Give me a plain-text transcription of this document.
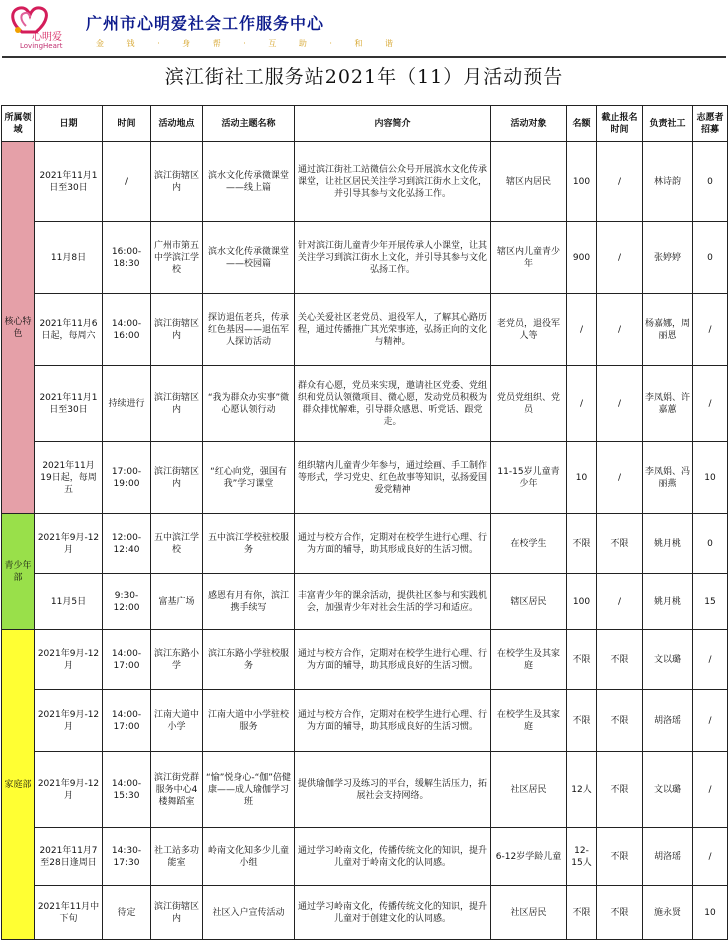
心明爱
LovingHeart
广州市心明爱社会工作服务中心
金 钱 · 身 帮 · 互 助 · 和 谐
滨江街社工服务站2021年（11）月活动预告
所属领域	日期	时间	活动地点	活动主题名称	内容简介	活动对象	名额	截止报名时间	负责社工	志愿者招募
核心特色	2021年11月1日至30日	/	滨江街辖区内	滨水文化传承微课堂——线上篇	通过滨江街社工站微信公众号开展滨水文化传承课堂，让社区居民关注学习到滨江街水上文化，并引导其参与文化弘扬工作。	辖区内居民	100	/	林诗韵	0
	11月8日	16:00-18:30	广州市第五中学滨江学校	滨水文化传承微课堂——校园篇	针对滨江街儿童青少年开展传承人小课堂，让其关注学习到滨江街水上文化，并引导其参与文化弘扬工作。	辖区内儿童青少年	900	/	张婷婷	0
	2021年11月6日起，每周六	14:00-16:00	滨江街辖区内	探访退伍老兵，传承红色基因——退伍军人探访活动	关心关爱社区老党员、退役军人，了解其心路历程，通过传播推广其光荣事迹，弘扬正向的文化与精神。	老党员，退役军人等	/	/	杨嘉娜，周丽恩	/
	2021年11月1日至30日	持续进行	滨江街辖区内	“我为群众办实事”微心愿认领行动	群众有心愿，党员来实现，邀请社区党委、党组织和党员认领微项目、微心愿，发动党员积极为群众排忧解难，引导群众感恩、听党话、跟党走。	党员党组织、党员	/	/	李凤娟、许嘉蕙	/
	2021年11月19日起，每周五	17:00-19:00	滨江街辖区内	“红心向党，强国有我”学习课堂	组织辖内儿童青少年参与，通过绘画、手工制作等形式，学习党史、红色故事等知识，弘扬爱国爱党精神	11-15岁儿童青少年	10	/	李凤娟、冯丽燕	10
青少年部	2021年9月-12月	12:00-12:40	五中滨江学校	五中滨江学校驻校服务	通过与校方合作，定期对在校学生进行心理、行为方面的辅导，助其形成良好的生活习惯。	在校学生	不限	不限	姚月桃	0
	11月5日	9:30-12:00	富基广场	感恩有月有你，滨江携手续写	丰富青少年的课余活动，提供社区参与和实践机会，加强青少年对社会生活的学习和适应。	辖区居民	100	/	姚月桃	15
家庭部	2021年9月-12月	14:00-17:00	滨江东路小学	滨江东路小学驻校服务	通过与校方合作，定期对在校学生进行心理、行为方面的辅导，助其形成良好的生活习惯。	在校学生及其家庭	不限	不限	文以璐	/
	2021年9月-12月	14:00-17:00	江南大道中小学	江南大道中小学驻校服务	通过与校方合作，定期对在校学生进行心理、行为方面的辅导，助其形成良好的生活习惯。	在校学生及其家庭	不限	不限	胡洛瑶	/
	2021年9月-12月	14:00-15:30	滨江街党群服务中心4楼舞蹈室	“愉”悦身心-“伽”倍健康——成人瑜伽学习班	提供瑜伽学习及练习的平台，缓解生活压力，拓展社会支持网络。	社区居民	12人	不限	文以璐	/
	2021年11月7至28日逢周日	14:30-17:30	社工站多功能室	岭南文化知多少儿童小组	通过学习岭南文化，传播传统文化的知识，提升儿童对于岭南文化的认同感。	6-12岁学龄儿童	12-15人	不限	胡洛瑶	/
	2021年11月中下旬	待定	滨江街辖区内	社区入户宣传活动	通过学习岭南文化，传播传统文化的知识，提升儿童对于创建文化的认同感。	社区居民	不限	不限	施永贤	10
